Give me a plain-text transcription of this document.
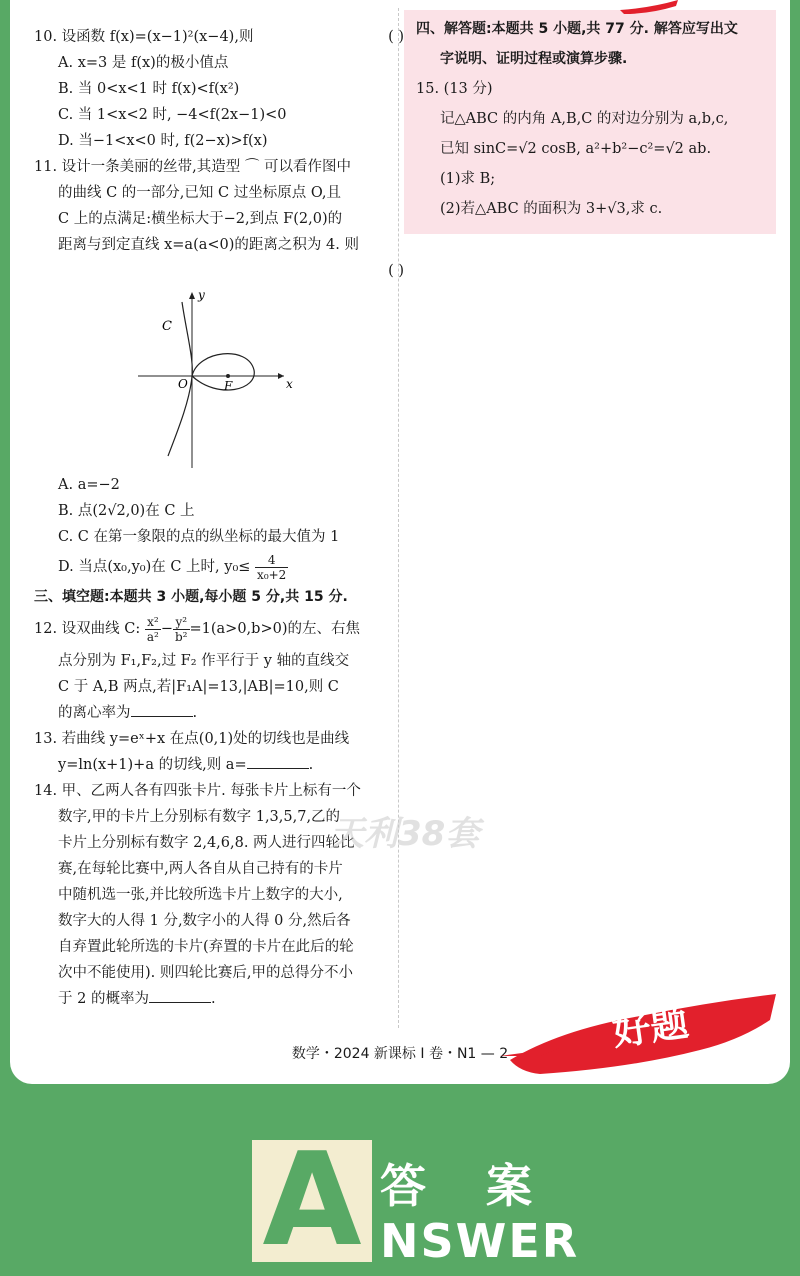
10. 设函数 f(x)=(x−1)²(x−4),则	( )
A. x=3 是 f(x)的极小值点
B. 当 0<x<1 时 f(x)<f(x²)
C. 当 1<x<2 时, −4<f(2x−1)<0
D. 当−1<x<0 时, f(2−x)>f(x)
11. 设计一条美丽的丝带,其造型 ⌒ 可以看作图中
的曲线 C 的一部分,已知 C 过坐标原点 O,且
C 上的点满足:横坐标大于−2,到点 F(2,0)的
距离与到定直线 x=a(a<0)的距离之积为 4. 则

( )
y
x
C
O	F
A. a=−2
B. 点(2√2,0)在 C 上
C. C 在第一象限的点的纵坐标的最大值为 1
D. 当点(x₀,y₀)在 C 上时, $y_0\le \frac{4}{\text{x₀+2}}$
三、填空题:本题共 3 小题,每小题 5 分,共 15 分.
12. 设双曲线 C: $\frac{\text{x²}}{\text{a²}} - \frac{\text{y²}}{\text{b²}} =1(a>0,b>0)$的左、右焦
点分别为 F₁,F₂,过 F₂ 作平行于 y 轴的直线交
C 于 A,B 两点,若|F₁A|=13,|AB|=10,则 C
的离心率为	.
13. 若曲线 y=eˣ+x 在点(0,1)处的切线也是曲线
y=ln(x+1)+a 的切线,则 a=	.
14. 甲、乙两人各有四张卡片. 每张卡片上标有一个
数字,甲的卡片上分别标有数字 1,3,5,7,乙的
卡片上分别标有数字 2,4,6,8. 两人进行四轮比
赛,在每轮比赛中,两人各自从自己持有的卡片
中随机选一张,并比较所选卡片上数字的大小,
数字大的人得 1 分,数字小的人得 0 分,然后各
自弃置此轮所选的卡片(弃置的卡片在此后的轮
次中不能使用). 则四轮比赛后,甲的总得分不小
于 2 的概率为	.
四、解答题:本题共 5 小题,共 77 分. 解答应写出文
字说明、证明过程或演算步骤.
15. (13 分)
记△ABC 的内角 A,B,C 的对边分别为 a,b,c,
已知 sinC=√2 cosB, a²+b²−c²=√2 ab.
(1)求 B;
(2)若△ABC 的面积为 3+√3,求 c.
天利38套
数学・2024 新课标 Ⅰ 卷・N1 — 2	好题
A 答案
NSWER
